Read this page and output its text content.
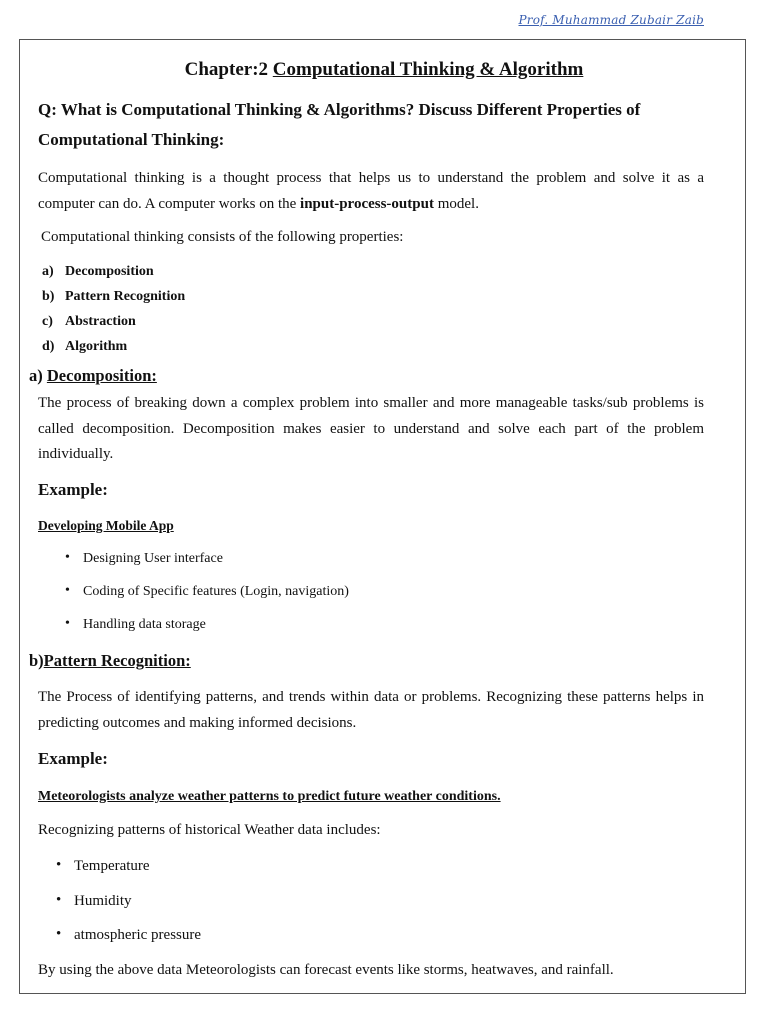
Prof. Muhammad Zubair Zaib
Chapter:2 Computational Thinking & Algorithm
Q: What is Computational Thinking & Algorithms? Discuss Different Properties of
Computational Thinking:
Computational thinking is a thought process that helps us to understand the problem and solve it as a
computer can do. A computer works on the input-process-output model.
Computational thinking consists of the following properties:
a) Decomposition
b) Pattern Recognition
c) Abstraction
d) Algorithm
a) Decomposition:
The process of breaking down a complex problem into smaller and more manageable tasks/sub problems is
called decomposition. Decomposition makes easier to understand and solve each part of the problem
individually.
Example:
Developing Mobile App
• Designing User interface
• Coding of Specific features (Login, navigation)
• Handling data storage
b)Pattern Recognition:
The Process of identifying patterns, and trends within data or problems. Recognizing these patterns helps in
predicting outcomes and making informed decisions.
Example:
Meteorologists analyze weather patterns to predict future weather conditions.
Recognizing patterns of historical Weather data includes:
• Temperature
• Humidity
• atmospheric pressure
By using the above data Meteorologists can forecast events like storms, heatwaves, and rainfall.
